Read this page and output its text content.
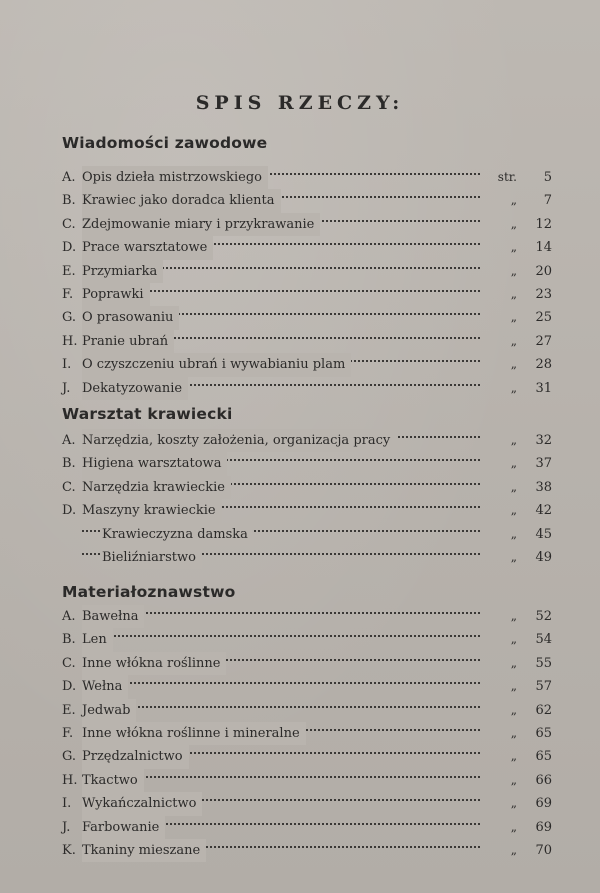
SPIS RZECZY:
Wiadomości zawodowe
A. Opis dzieła mistrzowskiego	str.	5
B. Krawiec jako doradca klienta	„	7
C. Zdejmowanie miary i przykrawanie	„	12
D. Prace warsztatowe	„	14
E. Przymiarka	„	20
F. Poprawki	„	23
G. O prasowaniu	„	25
H. Pranie ubrań	„	27
I. O czyszczeniu ubrań i wywabianiu plam	„	28
J. Dekatyzowanie	„	31
Warsztat krawiecki
A. Narzędzia, koszty założenia, organizacja pracy	„	32
B. Higiena warsztatowa	„	37
C. Narzędzia krawieckie	„	38
D. Maszyny krawieckie	„	42
Krawieczyzna damska	„	45
Bieliźniarstwo	„	49
Materiałoznawstwo
A. Bawełna	„	52
B. Len	„	54
C. Inne włókna roślinne	„	55
D. Wełna	„	57
E. Jedwab	„	62
F. Inne włókna roślinne i mineralne	„	65
G. Przędzalnictwo	„	65
H. Tkactwo	„	66
I. Wykańczalnictwo	„	69
J. Farbowanie	„	69
K. Tkaniny mieszane	„	70
